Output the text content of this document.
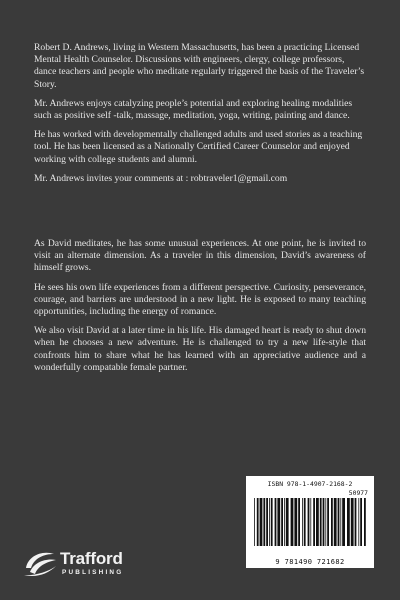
Robert D. Andrews, living in Western Massachusetts, has been a practicing Licensed Mental Health Counselor. Discussions with engineers, clergy, college professors, dance teachers and people who meditate regularly triggered the basis of the Traveler’s Story.

Mr. Andrews enjoys catalyzing people’s potential and exploring healing modalities such as positive self -talk, massage, meditation, yoga, writing, painting and dance.

He has worked with developmentally challenged adults and used stories as a teaching tool. He has been licensed as a Nationally Certified Career Counselor and enjoyed working with college students and alumni.

Mr. Andrews invites your comments at : robtraveler1@gmail.com

As David meditates, he has some unusual experiences. At one point, he is invited to visit an alternate dimension. As a traveler in this dimension, David’s awareness of himself grows.

He sees his own life experiences from a different perspective. Curiosity, perseverance, courage, and barriers are understood in a new light. He is exposed to many teaching opportunities, including the energy of romance.

We also visit David at a later time in his life. His damaged heart is ready to shut down when he chooses a new adventure. He is challenged to try a new life-style that confronts him to share what he has learned with an appreciative audience and a wonderfully compatable female partner.

ISBN 978-1-4907-2168-2
50977
9 781490 721682
Trafford
PUBLISHING
